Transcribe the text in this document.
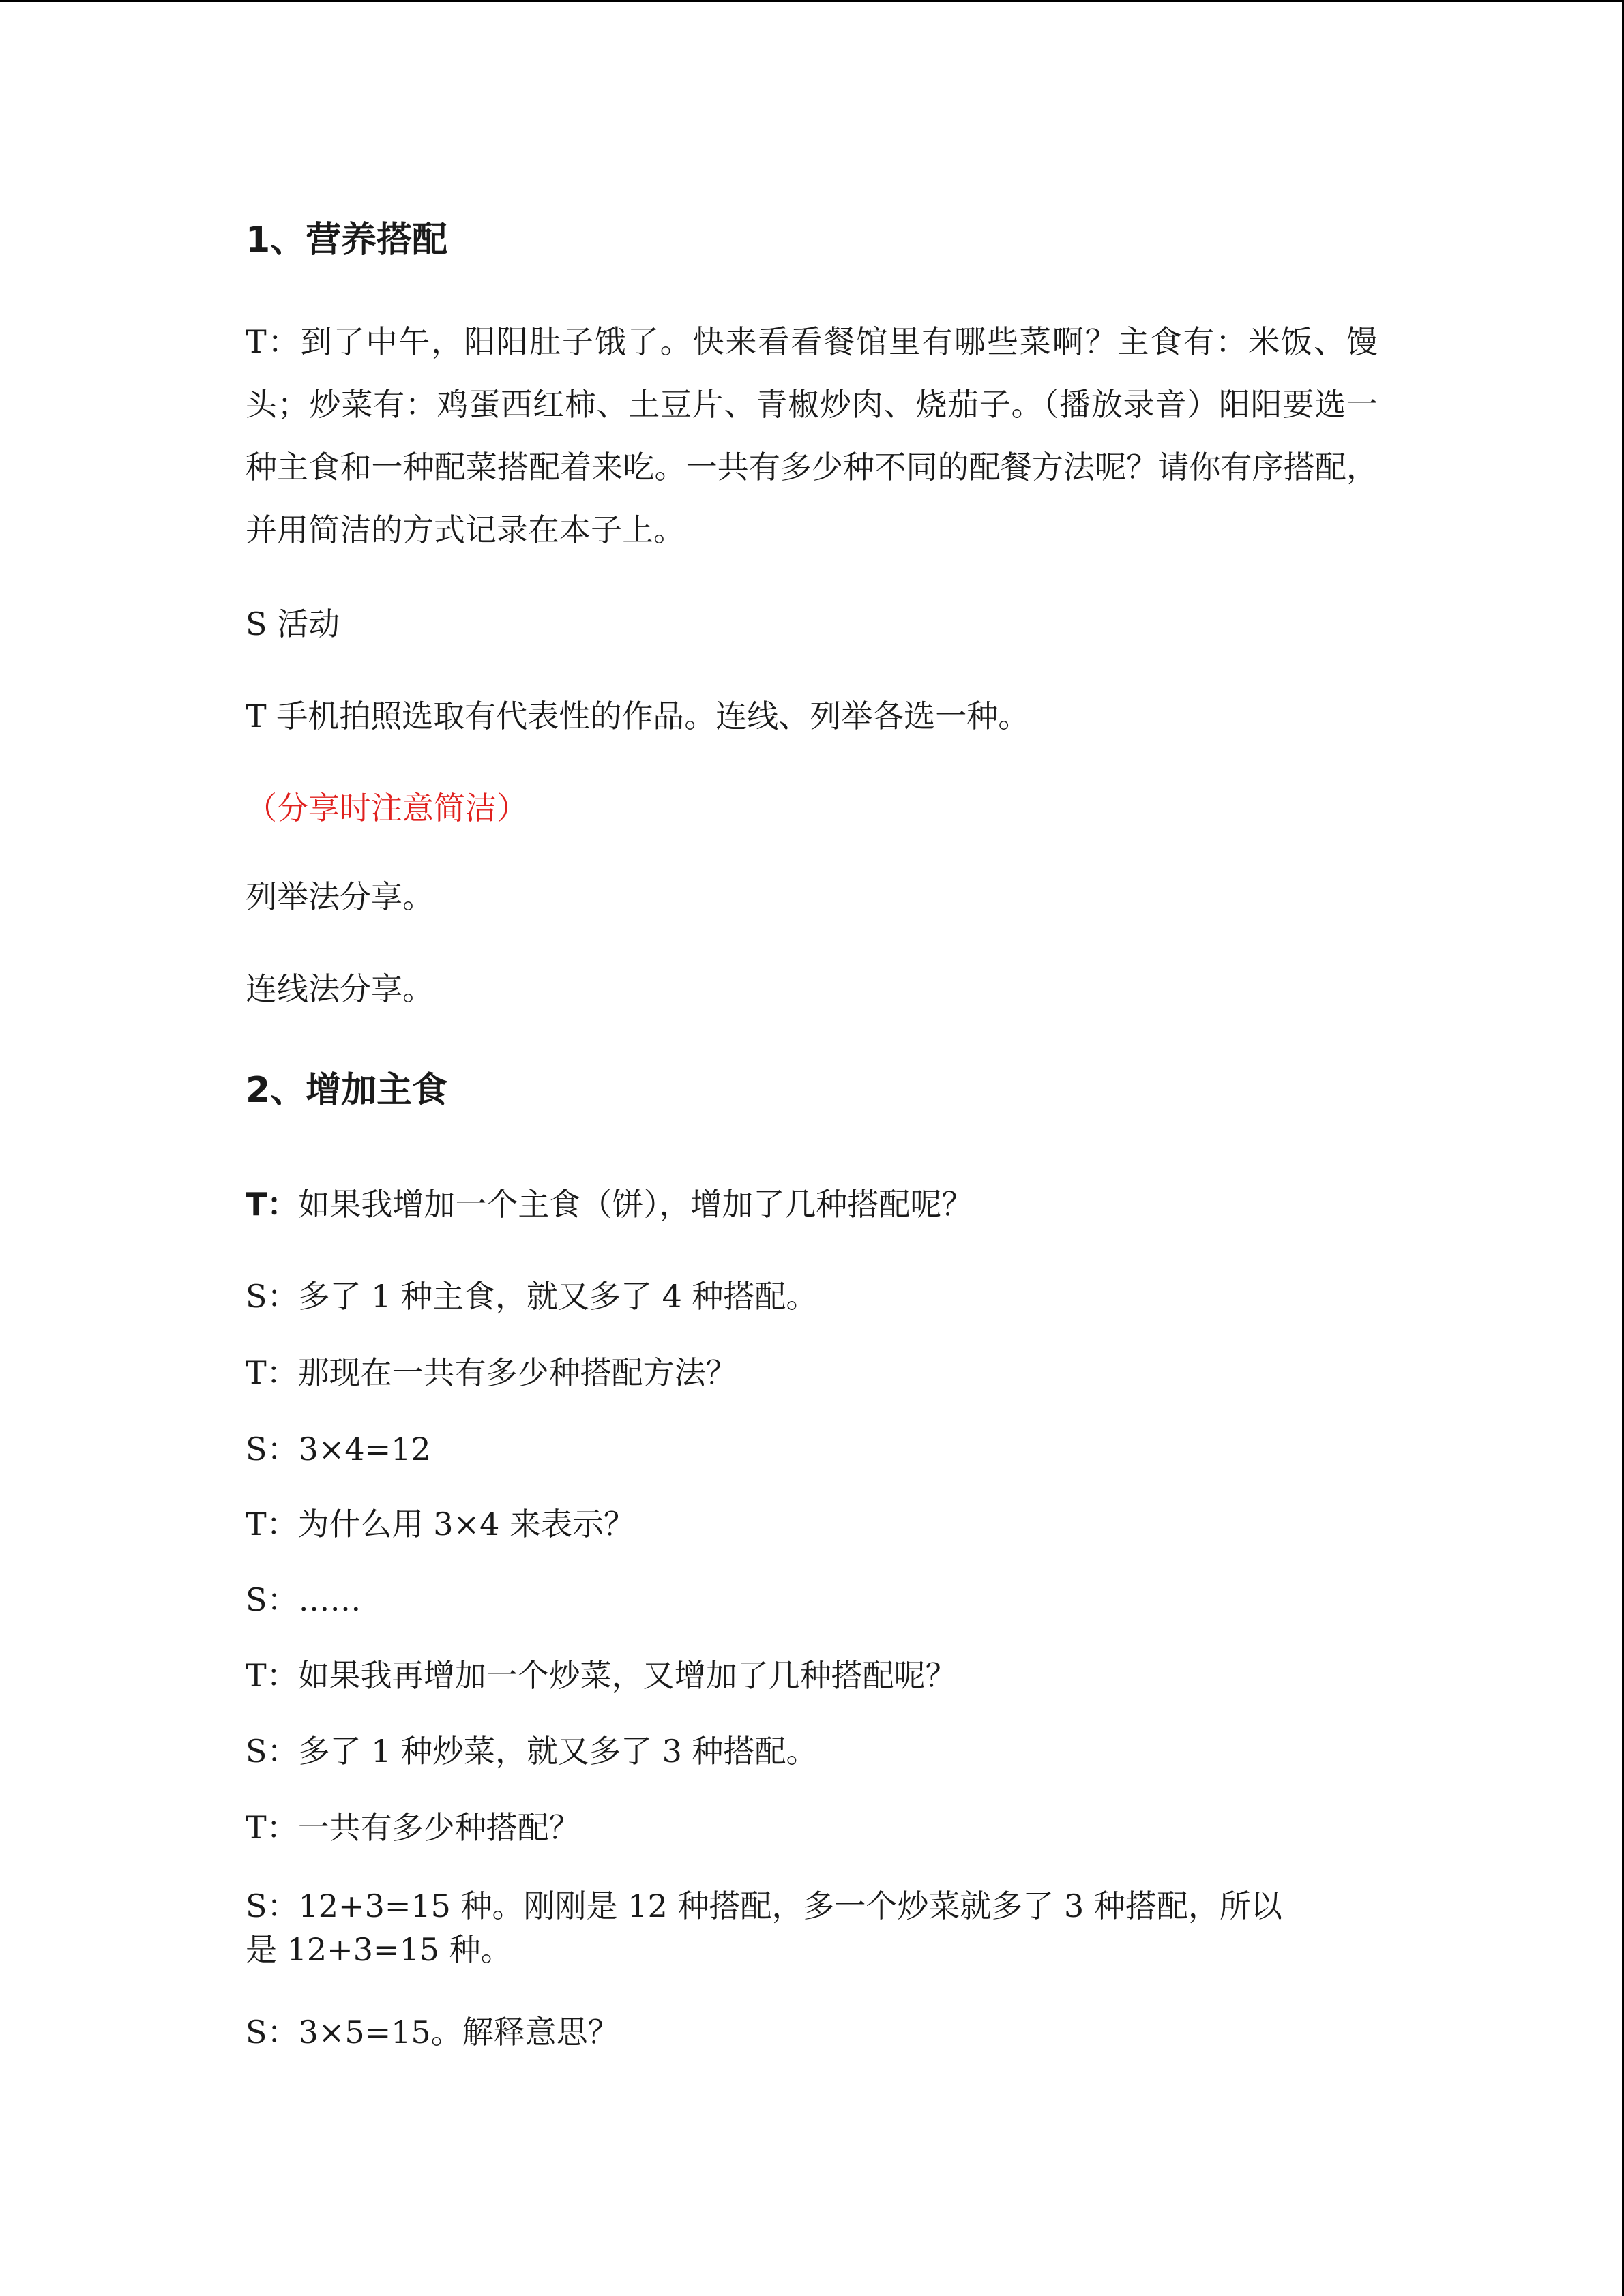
1、营养搭配
T：到了中午，阳阳肚子饿了。快来看看餐馆里有哪些菜啊？主食有：米饭、馒头；炒菜有：鸡蛋西红柿、土豆片、青椒炒肉、烧茄子。（播放录音）阳阳要选一种主食和一种配菜搭配着来吃。一共有多少种不同的配餐方法呢？请你有序搭配，并用简洁的方式记录在本子上。
S 活动
T 手机拍照选取有代表性的作品。连线、列举各选一种。
（分享时注意简洁）
列举法分享。
连线法分享。
2、增加主食
T：如果我增加一个主食（饼），增加了几种搭配呢？
S：多了 1 种主食，就又多了 4 种搭配。
T：那现在一共有多少种搭配方法？
S：3×4=12
T：为什么用 3×4 来表示？
S：……
T：如果我再增加一个炒菜，又增加了几种搭配呢？
S：多了 1 种炒菜，就又多了 3 种搭配。
T：一共有多少种搭配？
S：12+3=15 种。刚刚是 12 种搭配，多一个炒菜就多了 3 种搭配，所以是 12+3=15 种。
S：3×5=15。解释意思？
